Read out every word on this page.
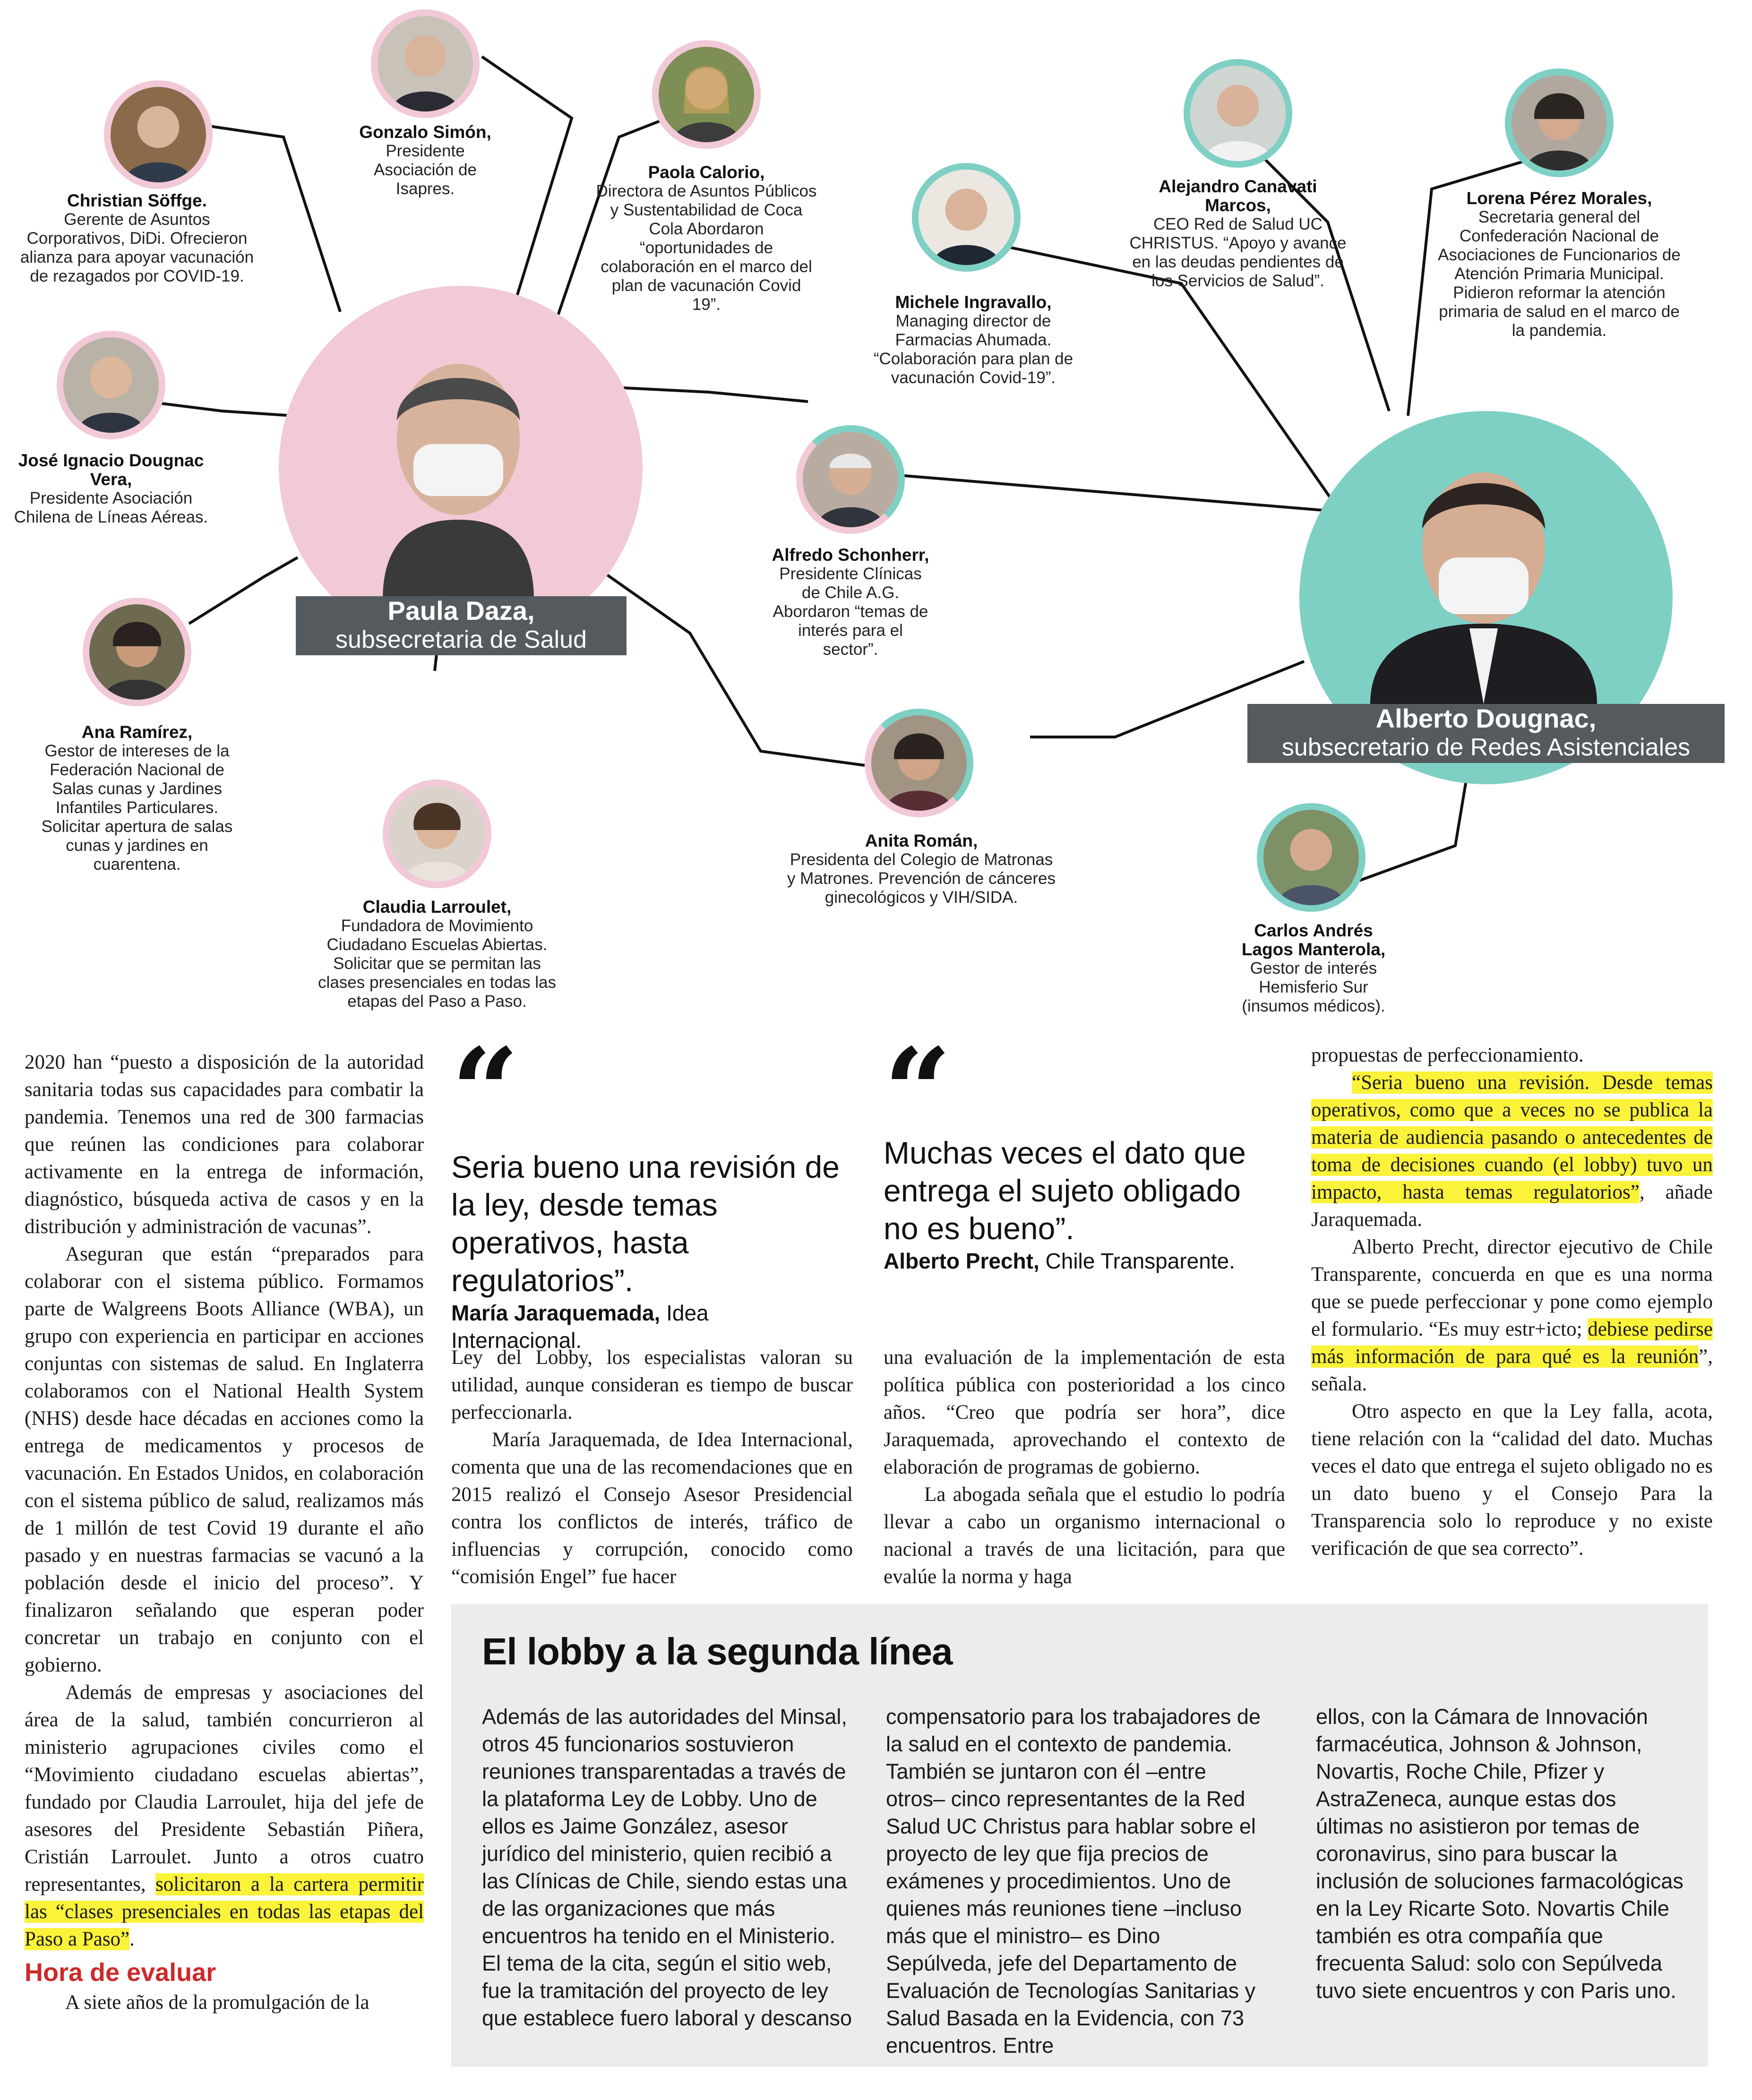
Paula Daza,
subsecretaria de Salud
Alberto Dougnac,
subsecretario de Redes Asistenciales
Christian Söffge.
Gerente de Asuntos Corporativos, DiDi. Ofrecieron alianza para apoyar vacunación de rezagados por COVID-19.
Gonzalo Simón,
Presidente Asociación de Isapres.
Paola Calorio,
Directora de Asuntos Públicos y Sustentabilidad de Coca Cola Abordaron “oportunidades de colaboración en el marco del plan de vacunación Covid 19”.
José Ignacio Dougnac Vera,
Presidente Asociación Chilena de Líneas Aéreas.
Ana Ramírez,
Gestor de intereses de la Federación Nacional de Salas cunas y Jardines Infantiles Particulares. Solicitar apertura de salas cunas y jardines en cuarentena.
Claudia Larroulet,
Fundadora de Movimiento Ciudadano Escuelas Abiertas. Solicitar que se permitan las clases presenciales en todas las etapas del Paso a Paso.
Alfredo Schonherr,
Presidente Clínicas de Chile A.G. Abordaron “temas de interés para el sector”.
Anita Román,
Presidenta del Colegio de Matronas y Matrones. Prevención de cánceres ginecológicos y VIH/SIDA.
Michele Ingravallo,
Managing director de Farmacias Ahumada. “Colaboración para plan de vacunación Covid-19”.
Alejandro Canavati Marcos,
CEO Red de Salud UC CHRISTUS. “Apoyo y avance en las deudas pendientes de los Servicios de Salud”.
Lorena Pérez Morales,
Secretaria general del Confederación Nacional de Asociaciones de Funcionarios de Atención Primaria Municipal. Pidieron reformar la atención primaria de salud en el marco de la pandemia.
Carlos Andrés Lagos Manterola,
Gestor de interés Hemisferio Sur (insumos médicos).

2020 han “puesto a disposición de la autoridad sanitaria todas sus capacidades para combatir la pandemia. Tenemos una red de 300 farmacias que reúnen las condiciones para colaborar activamente en la entrega de información, diagnóstico, búsqueda activa de casos y en la distribución y administración de vacunas”.

Aseguran que están “preparados para colaborar con el sistema público. Formamos parte de Walgreens Boots Alliance (WBA), un grupo con experiencia en participar en acciones conjuntas con sistemas de salud. En Inglaterra colaboramos con el National Health System (NHS) desde hace décadas en acciones como la entrega de medicamentos y procesos de vacunación. En Estados Unidos, en colaboración con el sistema público de salud, realizamos más de 1 millón de test Covid 19 durante el año pasado y en nuestras farmacias se vacunó a la población desde el inicio del proceso”. Y finalizaron señalando que esperan poder concretar un trabajo en conjunto con el gobierno.

Además de empresas y asociaciones del área de la salud, también concurrieron al ministerio agrupaciones civiles como el “Movimiento ciudadano escuelas abiertas”, fundado por Claudia Larroulet, hija del jefe de asesores del Presidente Sebastián Piñera, Cristián Larroulet. Junto a otros cuatro representantes, solicitaron a la cartera permitir las “clases presenciales en todas las etapas del Paso a Paso”.

Hora de evaluar

A siete años de la promulgación de la

“
Seria bueno una revisión de la ley, desde temas operativos, hasta regulatorios”.
María Jaraquemada, Idea Internacional.
“
Muchas veces el dato que entrega el sujeto obligado no es bueno”.
Alberto Precht, Chile Transparente.

Ley del Lobby, los especialistas valoran su utilidad, aunque consideran es tiempo de buscar perfeccionarla.

María Jaraquemada, de Idea Internacional, comenta que una de las recomendaciones que en 2015 realizó el Consejo Asesor Presidencial contra los conflictos de interés, tráfico de influencias y corrupción, conocido como “comisión Engel” fue hacer

una evaluación de la implementación de esta política pública con posterioridad a los cinco años. “Creo que podría ser hora”, dice Jaraquemada, aprovechando el contexto de elaboración de programas de gobierno.

La abogada señala que el estudio lo podría llevar a cabo un organismo internacional o nacional a través de una licitación, para que evalúe la norma y haga

propuestas de perfeccionamiento.

“Seria bueno una revisión. Desde temas operativos, como que a veces no se publica la materia de audiencia pasando o antecedentes de toma de decisiones cuando (el lobby) tuvo un impacto, hasta temas regulatorios”, añade Jaraquemada.

Alberto Precht, director ejecutivo de Chile Transparente, concuerda en que es una norma que se puede perfeccionar y pone como ejemplo el formulario. “Es muy estr+icto; debiese pedirse más información de para qué es la reunión”, señala.

Otro aspecto en que la Ley falla, acota, tiene relación con la “calidad del dato. Muchas veces el dato que entrega el sujeto obligado no es un dato bueno y el Consejo Para la Transparencia solo lo reproduce y no existe verificación de que sea correcto”.

El lobby a la segunda línea
Además de las autoridades del Minsal, otros 45 funcionarios sostuvieron reuniones transparentadas a través de la plataforma Ley de Lobby. Uno de ellos es Jaime González, asesor jurídico del ministerio, quien recibió a las Clínicas de Chile, siendo estas una de las organizaciones que más encuentros ha tenido en el Ministerio. El tema de la cita, según el sitio web, fue la tramitación del proyecto de ley que establece fuero laboral y descanso
compensatorio para los trabajadores de la salud en el contexto de pandemia. También se juntaron con él –entre otros– cinco representantes de la Red Salud UC Christus para hablar sobre el proyecto de ley que fija precios de exámenes y procedimientos. Uno de quienes más reuniones tiene –incluso más que el ministro– es Dino Sepúlveda, jefe del Departamento de Evaluación de Tecnologías Sanitarias y Salud Basada en la Evidencia, con 73 encuentros. Entre
ellos, con la Cámara de Innovación farmacéutica, Johnson & Johnson, Novartis, Roche Chile, Pfizer y AstraZeneca, aunque estas dos últimas no asistieron por temas de coronavirus, sino para buscar la inclusión de soluciones farmacológicas en la Ley Ricarte Soto. Novartis Chile también es otra compañía que frecuenta Salud: solo con Sepúlveda tuvo siete encuentros y con Paris uno.
